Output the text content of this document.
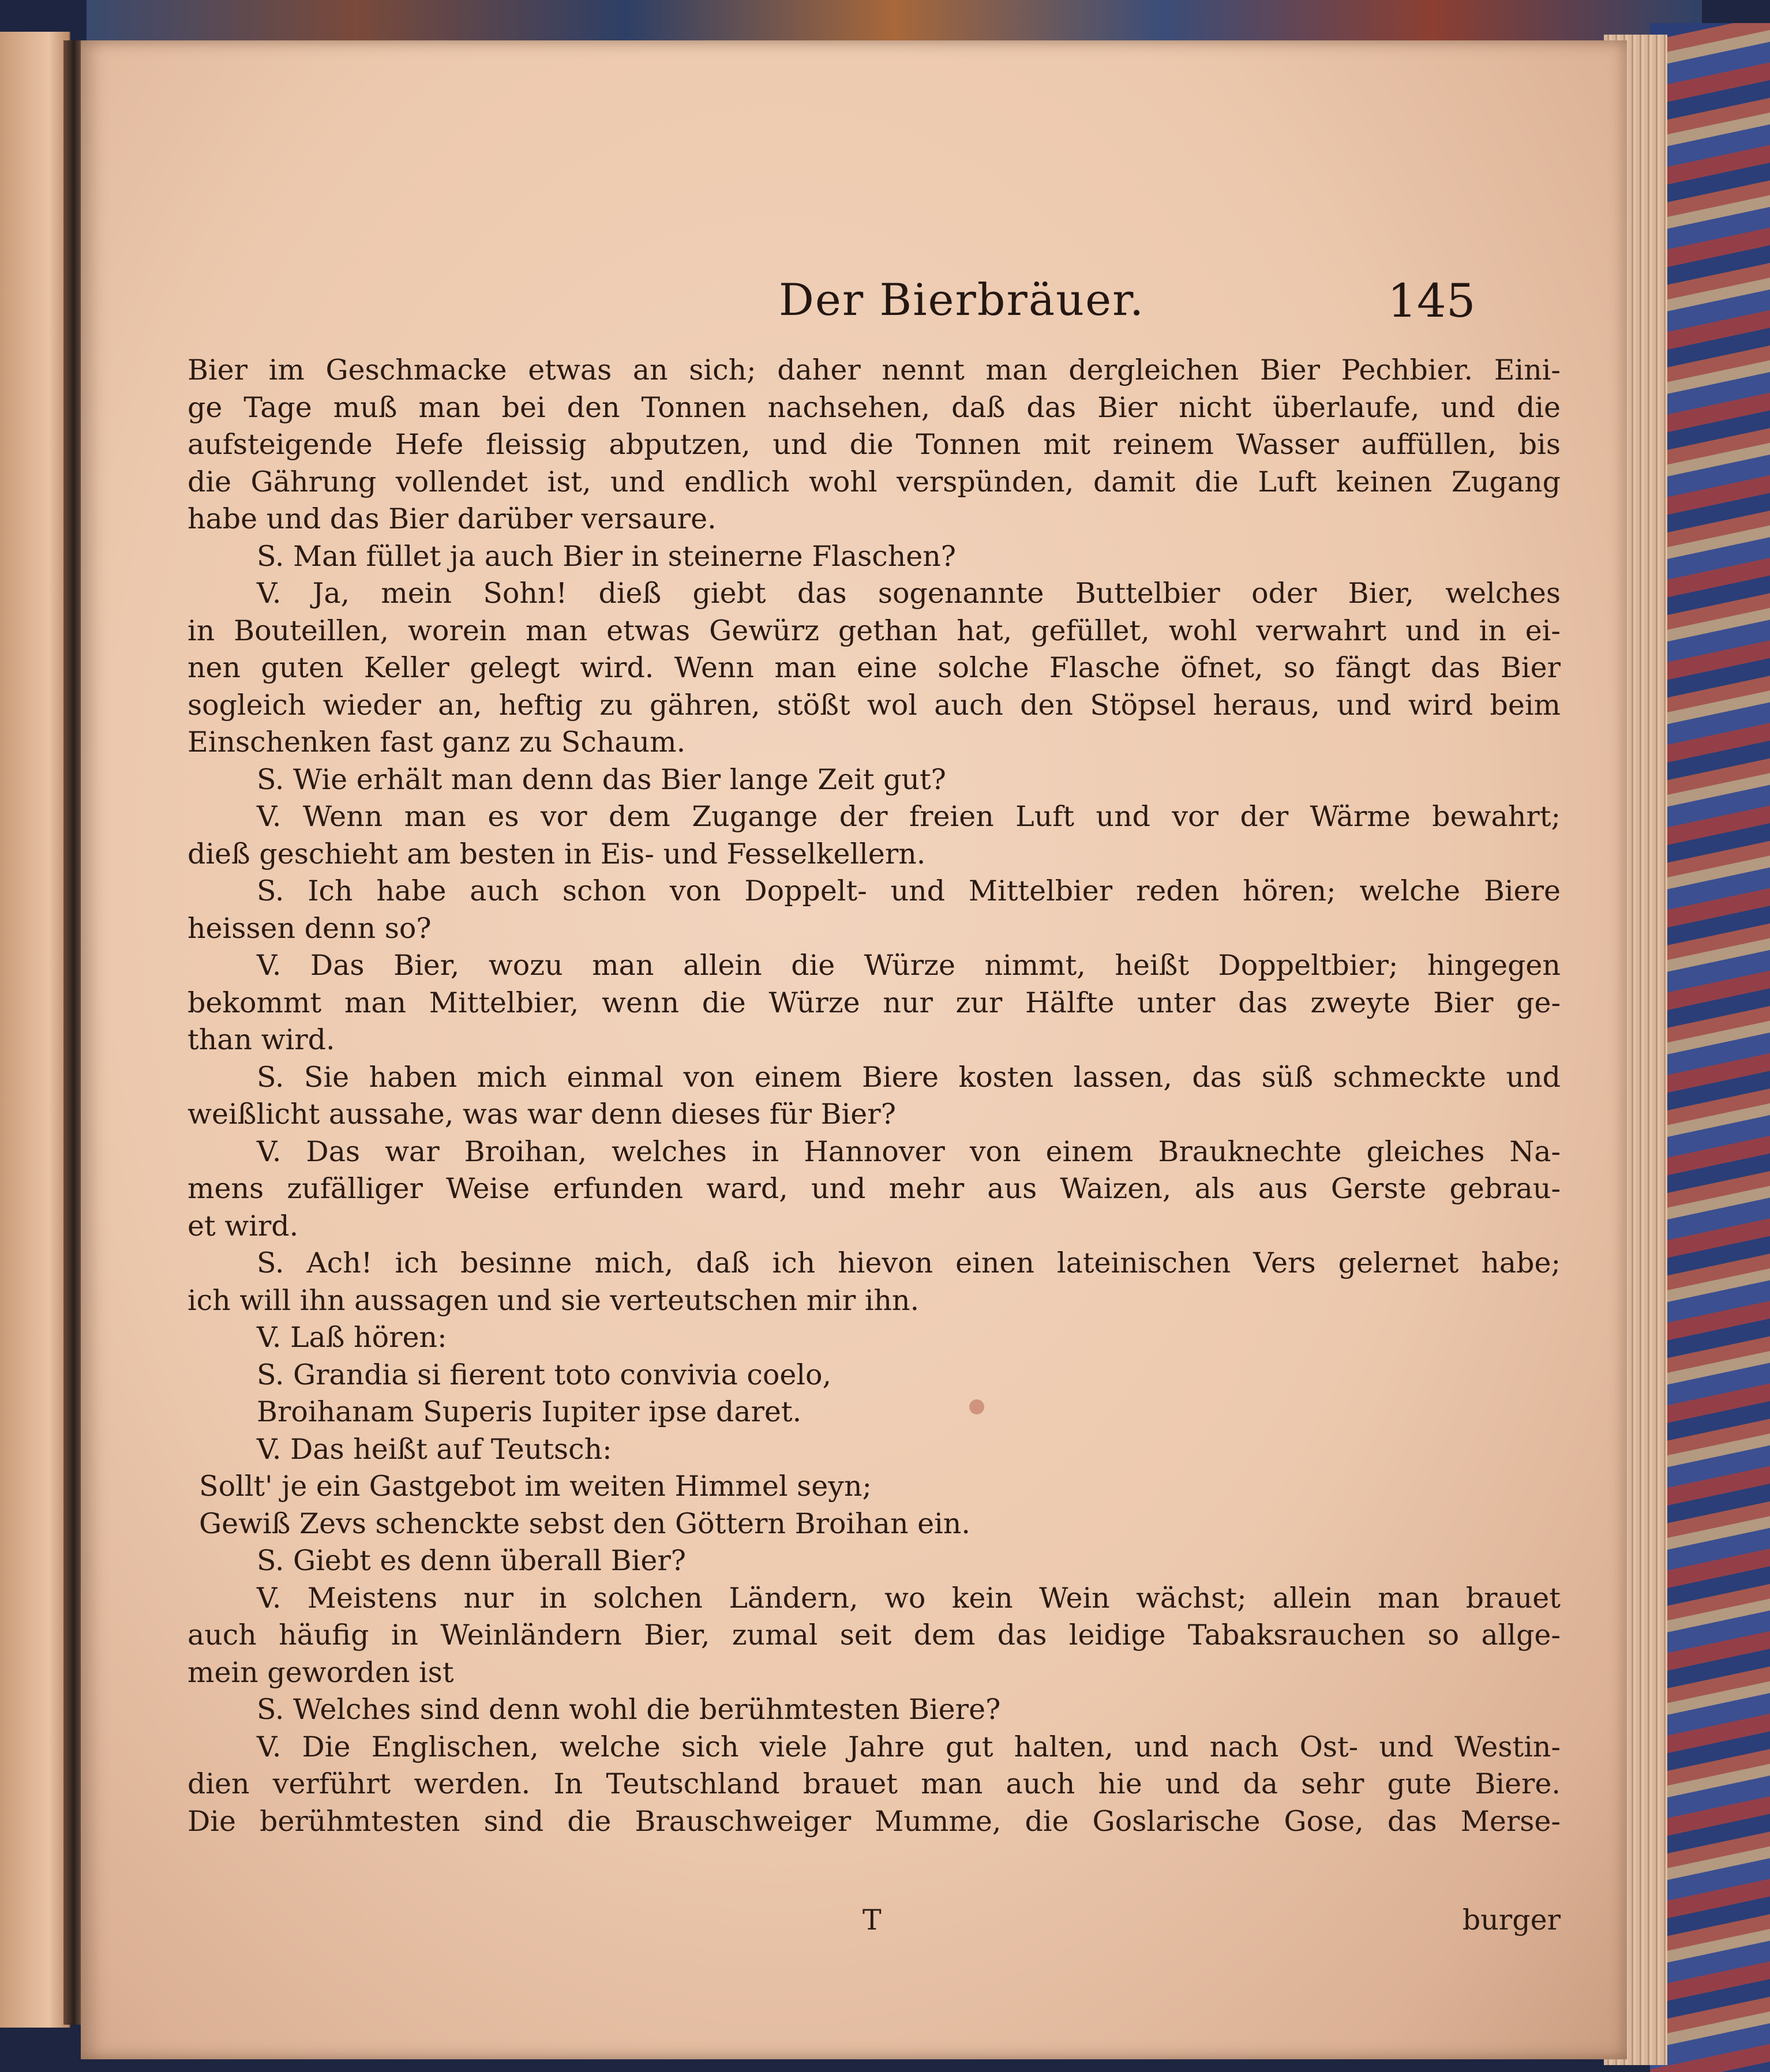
Der Bierbräuer.	145
Bier im Geschmacke etwas an sich; daher nennt man dergleichen Bier Pechbier. Eini-
ge Tage muß man bei den Tonnen nachsehen, daß das Bier nicht überlaufe, und die
aufsteigende Hefe fleissig abputzen, und die Tonnen mit reinem Wasser auffüllen, bis
die Gährung vollendet ist, und endlich wohl verspünden, damit die Luft keinen Zugang
habe und das Bier darüber versaure.
S. Man füllet ja auch Bier in steinerne Flaschen?
V. Ja, mein Sohn! dieß giebt das sogenannte Buttelbier oder Bier, welches
in Bouteillen, worein man etwas Gewürz gethan hat, gefüllet, wohl verwahrt und in ei-
nen guten Keller gelegt wird. Wenn man eine solche Flasche öfnet, so fängt das Bier
sogleich wieder an, heftig zu gähren, stößt wol auch den Stöpsel heraus, und wird beim
Einschenken fast ganz zu Schaum.
S. Wie erhält man denn das Bier lange Zeit gut?
V. Wenn man es vor dem Zugange der freien Luft und vor der Wärme bewahrt;
dieß geschieht am besten in Eis- und Fesselkellern.
S. Ich habe auch schon von Doppelt- und Mittelbier reden hören; welche Biere
heissen denn so?
V. Das Bier, wozu man allein die Würze nimmt, heißt Doppeltbier; hingegen
bekommt man Mittelbier, wenn die Würze nur zur Hälfte unter das zweyte Bier ge-
than wird.
S. Sie haben mich einmal von einem Biere kosten lassen, das süß schmeckte und
weißlicht aussahe, was war denn dieses für Bier?
V. Das war Broihan, welches in Hannover von einem Brauknechte gleiches Na-
mens zufälliger Weise erfunden ward, und mehr aus Waizen, als aus Gerste gebrau-
et wird.
S. Ach! ich besinne mich, daß ich hievon einen lateinischen Vers gelernet habe;
ich will ihn aussagen und sie verteutschen mir ihn.
V. Laß hören:
S. Grandia si fierent toto convivia coelo,
Broihanam Superis Iupiter ipse daret.
V. Das heißt auf Teutsch:
Sollt' je ein Gastgebot im weiten Himmel seyn;
Gewiß Zevs schenckte sebst den Göttern Broihan ein.
S. Giebt es denn überall Bier?
V. Meistens nur in solchen Ländern, wo kein Wein wächst; allein man brauet
auch häufig in Weinländern Bier, zumal seit dem das leidige Tabaksrauchen so allge-
mein geworden ist
S. Welches sind denn wohl die berühmtesten Biere?
V. Die Englischen, welche sich viele Jahre gut halten, und nach Ost- und Westin-
dien verführt werden. In Teutschland brauet man auch hie und da sehr gute Biere.
Die berühmtesten sind die Brauschweiger Mumme, die Goslarische Gose, das Merse-
T	burger
